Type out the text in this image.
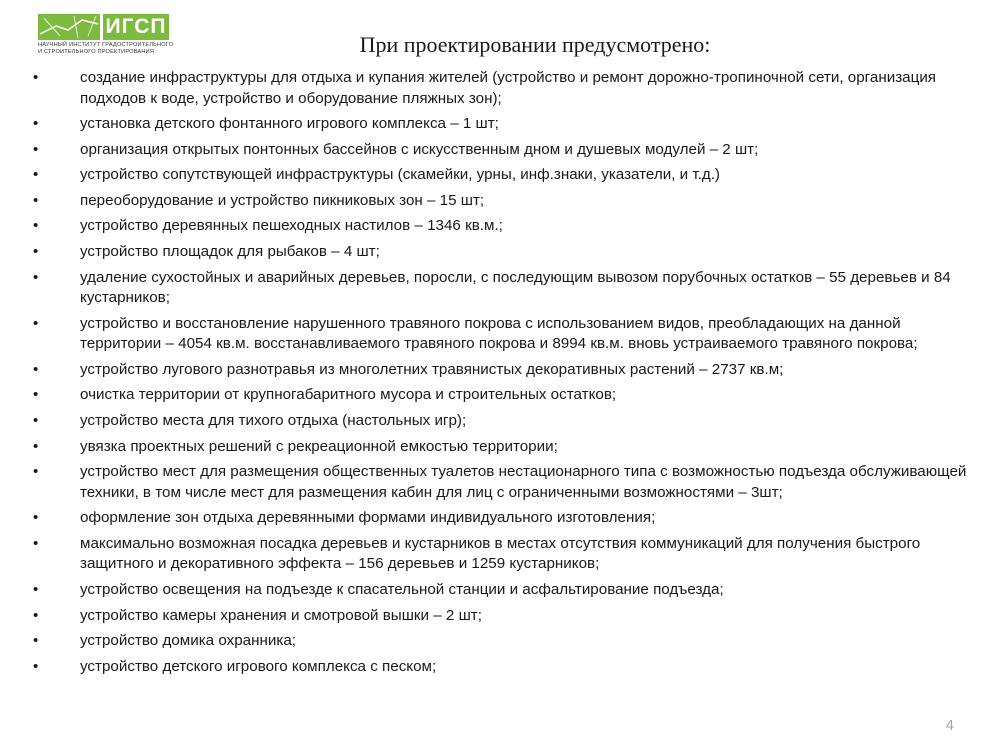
ИГСП
НАУЧНЫЙ ИНСТИТУТ ГРАДОСТРОИТЕЛЬНОГО
И СТРОИТЕЛЬНОГО ПРОЕКТИРОВАНИЯ	При проектировании предусмотрено:
•	создание инфраструктуры для отдыха и купания жителей (устройство и ремонт дорожно-тропиночной сети, организация подходов к воде, устройство и оборудование пляжных зон);
•	установка детского фонтанного игрового комплекса – 1 шт;
•	организация открытых понтонных бассейнов с искусственным дном и душевых модулей – 2 шт;
•	устройство сопутствующей инфраструктуры (скамейки, урны, инф.знаки, указатели, и т.д.)
•	переоборудование и устройство пикниковых зон – 15 шт;
•	устройство деревянных пешеходных настилов – 1346 кв.м.;
•	устройство площадок для рыбаков – 4 шт;
•	удаление сухостойных и аварийных деревьев, поросли, с последующим вывозом порубочных остатков – 55 деревьев и 84 кустарников;
•	устройство и восстановление нарушенного травяного покрова с использованием видов, преобладающих на данной территории – 4054 кв.м. восстанавливаемого травяного покрова и 8994 кв.м. вновь устраиваемого травяного покрова;
•	устройство лугового разнотравья из многолетних травянистых декоративных растений – 2737 кв.м;
•	очистка территории от крупногабаритного мусора и строительных остатков;
•	устройство места для тихого отдыха (настольных игр);
•	увязка проектных решений с рекреационной емкостью территории;
•	устройство мест для размещения общественных туалетов нестационарного типа с возможностью подъезда обслуживающей техники, в том числе мест для размещения кабин для лиц с ограниченными возможностями – 3шт;
•	оформление зон отдыха деревянными формами индивидуального изготовления;
•	максимально возможная посадка деревьев и кустарников в местах отсутствия коммуникаций для получения быстрого защитного и декоративного эффекта – 156 деревьев и 1259 кустарников;
•	устройство освещения на подъезде к спасательной станции и асфальтирование подъезда;
•	устройство камеры хранения и смотровой вышки – 2 шт;
•	устройство домика охранника;
•	устройство детского игрового комплекса с песком;
4
